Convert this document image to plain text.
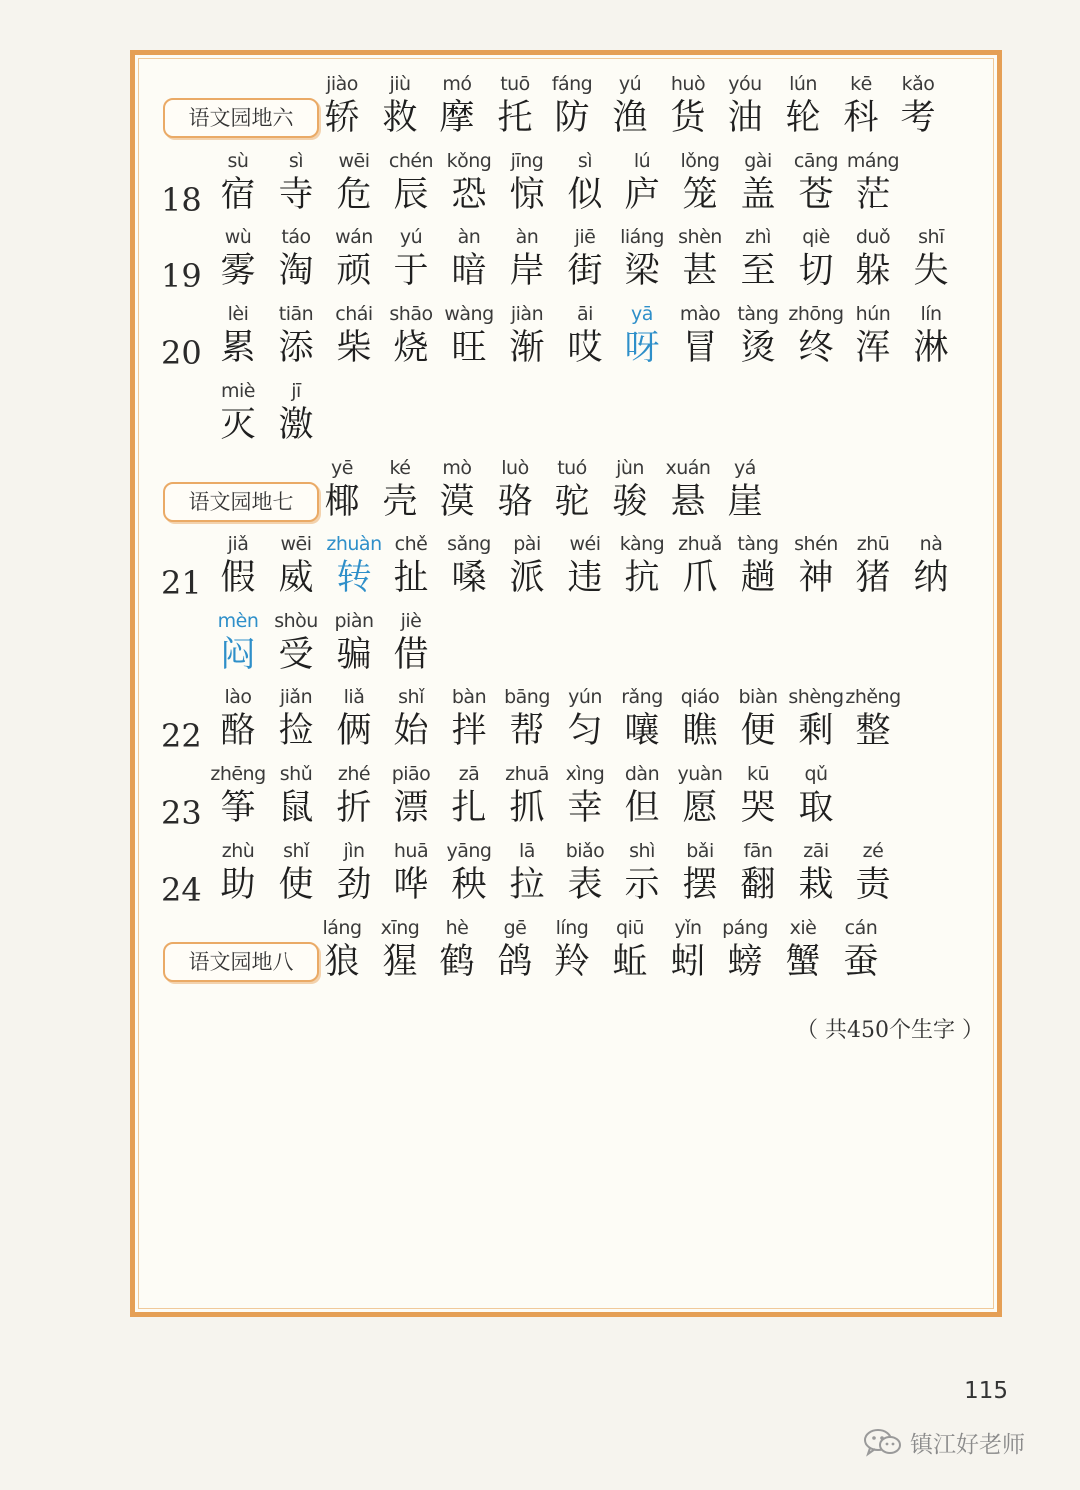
语文园地六
jiào
轿
jiù
救
mó
摩
tuō
托
fáng
防
yú
渔
huò
货
yóu
油
lún
轮
kē
科
kǎo
考
18
sù
宿
sì
寺
wēi
危
chén
辰
kǒng
恐
jīng
惊
sì
似
lú
庐
lǒng
笼
gài
盖
cāng
苍
máng
茫
19
wù
雾
táo
淘
wán
顽
yú
于
àn
暗
àn
岸
jiē
街
liáng
梁
shèn
甚
zhì
至
qiè
切
duǒ
躲
shī
失
20
lèi
累
tiān
添
chái
柴
shāo
烧
wàng
旺
jiàn
渐
āi
哎
yā
呀
mào
冒
tàng
烫
zhōng
终
hún
浑
lín
淋
miè
灭
jī
激
语文园地七
yē
椰
ké
壳
mò
漠
luò
骆
tuó
驼
jùn
骏
xuán
悬
yá
崖
21
jiǎ
假
wēi
威
zhuàn
转
chě
扯
sǎng
嗓
pài
派
wéi
违
kàng
抗
zhuǎ
爪
tàng
趟
shén
神
zhū
猪
nà
纳
mèn
闷
shòu
受
piàn
骗
jiè
借
22
lào
酪
jiǎn
捡
liǎ
俩
shǐ
始
bàn
拌
bāng
帮
yún
匀
rǎng
嚷
qiáo
瞧
biàn
便
shèng
剩
zhěng
整
23
zhēng
筝
shǔ
鼠
zhé
折
piāo
漂
zā
扎
zhuā
抓
xìng
幸
dàn
但
yuàn
愿
kū
哭
qǔ
取
24
zhù
助
shǐ
使
jìn
劲
huā
哗
yāng
秧
lā
拉
biǎo
表
shì
示
bǎi
摆
fān
翻
zāi
栽
zé
责
语文园地八
láng
狼
xīng
猩
hè
鹤
gē
鸽
líng
羚
qiū
蚯
yǐn
蚓
páng
螃
xiè
蟹
cán
蚕
（ 共450个生字 ）
115
镇江好老师
